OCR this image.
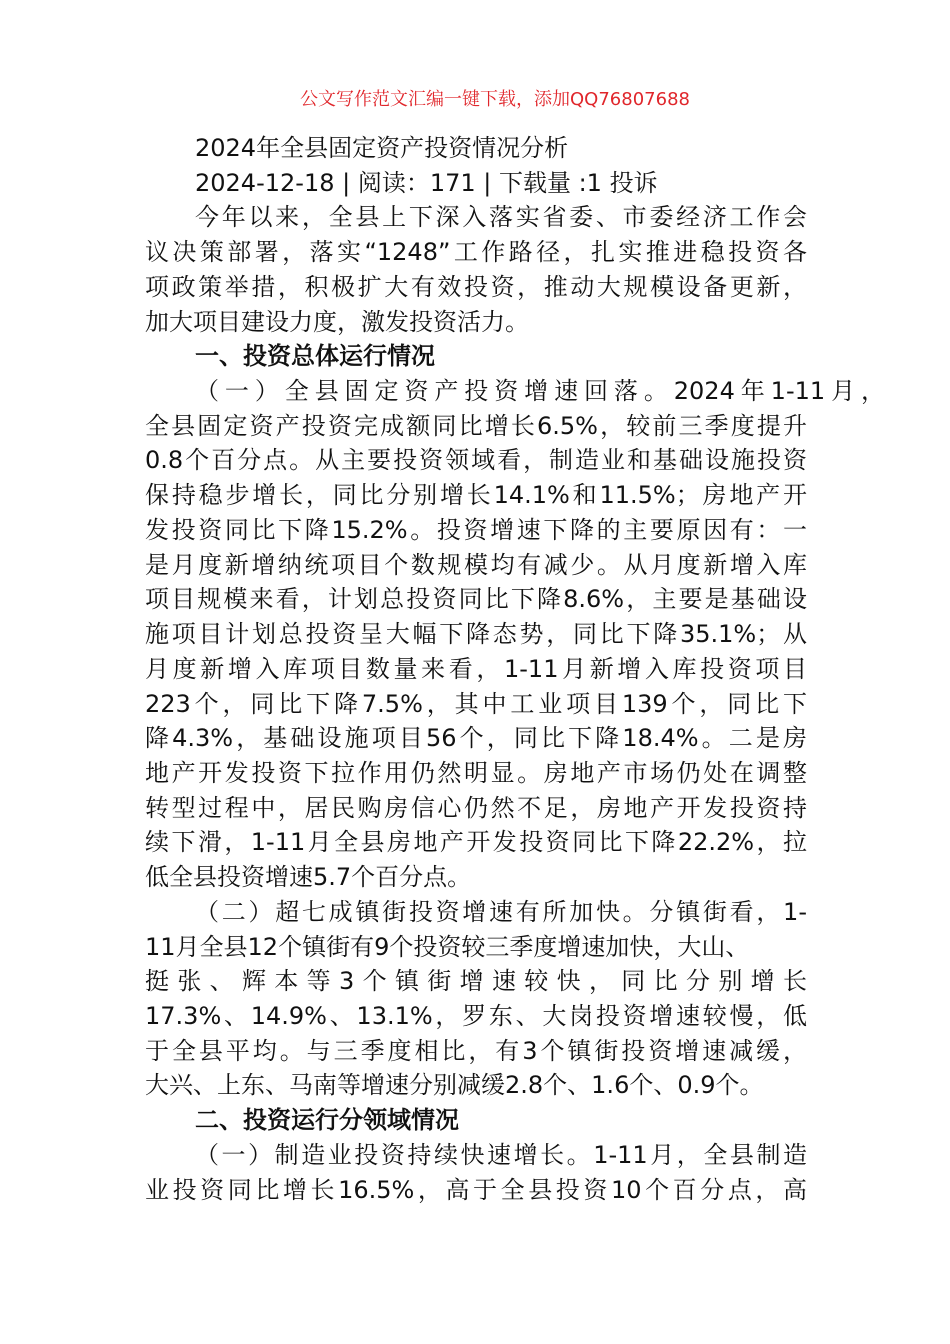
公文写作范文汇编一键下载，添加QQ76807688
2024年全县固定资产投资情况分析
2024-12-18 | 阅读：171 | 下载量 :1 投诉
今年以来，全县上下深入落实省委、市委经济工作会
议决策部署，落实“1248”工作路径，扎实推进稳投资各
项政策举措，积极扩大有效投资，推动大规模设备更新，
加大项目建设力度，激发投资活力。
一、投资总体运行情况
（一）全县固定资产投资增速回落。2024年1-11月，
全县固定资产投资完成额同比增长6.5%，较前三季度提升
0.8个百分点。从主要投资领域看，制造业和基础设施投资
保持稳步增长，同比分别增长14.1%和11.5%；房地产开
发投资同比下降15.2%。投资增速下降的主要原因有：一
是月度新增纳统项目个数规模均有减少。从月度新增入库
项目规模来看，计划总投资同比下降8.6%，主要是基础设
施项目计划总投资呈大幅下降态势，同比下降35.1%；从
月度新增入库项目数量来看，1-11月新增入库投资项目
223个，同比下降7.5%，其中工业项目139个，同比下
降4.3%，基础设施项目56个，同比下降18.4%。二是房
地产开发投资下拉作用仍然明显。房地产市场仍处在调整
转型过程中，居民购房信心仍然不足，房地产开发投资持
续下滑，1-11月全县房地产开发投资同比下降22.2%，拉
低全县投资增速5.7个百分点。
（二）超七成镇街投资增速有所加快。分镇街看，1-
11月全县12个镇街有9个投资较三季度增速加快，大山、
挺张、辉本等3个镇街增速较快，同比分别增长
17.3%、14.9%、13.1%，罗东、大岗投资增速较慢，低
于全县平均。与三季度相比，有3个镇街投资增速减缓，
大兴、上东、马南等增速分别减缓2.8个、1.6个、0.9个。
二、投资运行分领域情况
（一）制造业投资持续快速增长。1-11月，全县制造
业投资同比增长16.5%，高于全县投资10个百分点，高
